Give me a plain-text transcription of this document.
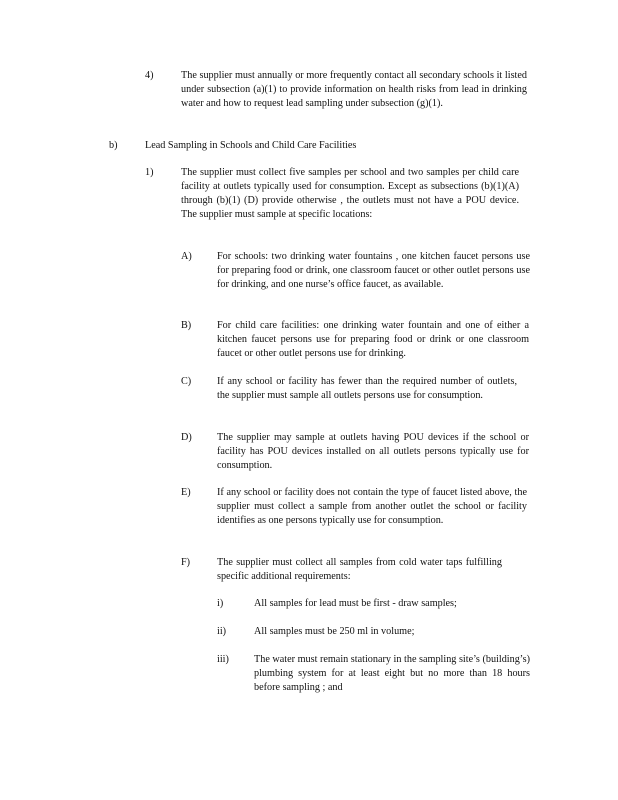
4)	The supplier must annually or more frequently contact all secondary schools it listed under subsection (a)(1) to provide information on health risks from lead in drinking water and how to request lead sampling under subsection (g)(1).
b)	Lead Sampling in Schools and Child Care Facilities
1)	The supplier must collect five samples per school and two samples per child care facility at outlets typically used for consumption. Except as subsections (b)(1)(A) through (b)(1) (D) provide otherwise , the outlets must not have a POU device. The supplier must sample at specific locations:
A) For schools: two drinking water fountains , one kitchen faucet persons use for preparing food or drink, one classroom faucet or other outlet persons use for drinking, and one nurse’s office faucet, as available.
B)	For child care facilities: one drinking water fountain and one of either a kitchen faucet persons use for preparing food or drink or one classroom faucet or other outlet persons use for drinking.
C)	If any school or facility has fewer than the required number of outlets, the supplier must sample all outlets persons use for consumption.
D) The supplier may sample at outlets having POU devices if the school or facility has POU devices installed on all outlets persons typically use for consumption.
E)	If any school or facility does not contain the type of faucet listed above, the supplier must collect a sample from another outlet the school or facility identifies as one persons typically use for consumption.
F)	The supplier must collect all samples from cold water taps fulfilling specific additional requirements:
i)	All samples for lead must be first - draw samples;
ii)	All samples must be 250 ml in volume;
iii) The water must remain stationary in the sampling site’s (building’s) plumbing system for at least eight but no more than 18 hours before sampling ; and
